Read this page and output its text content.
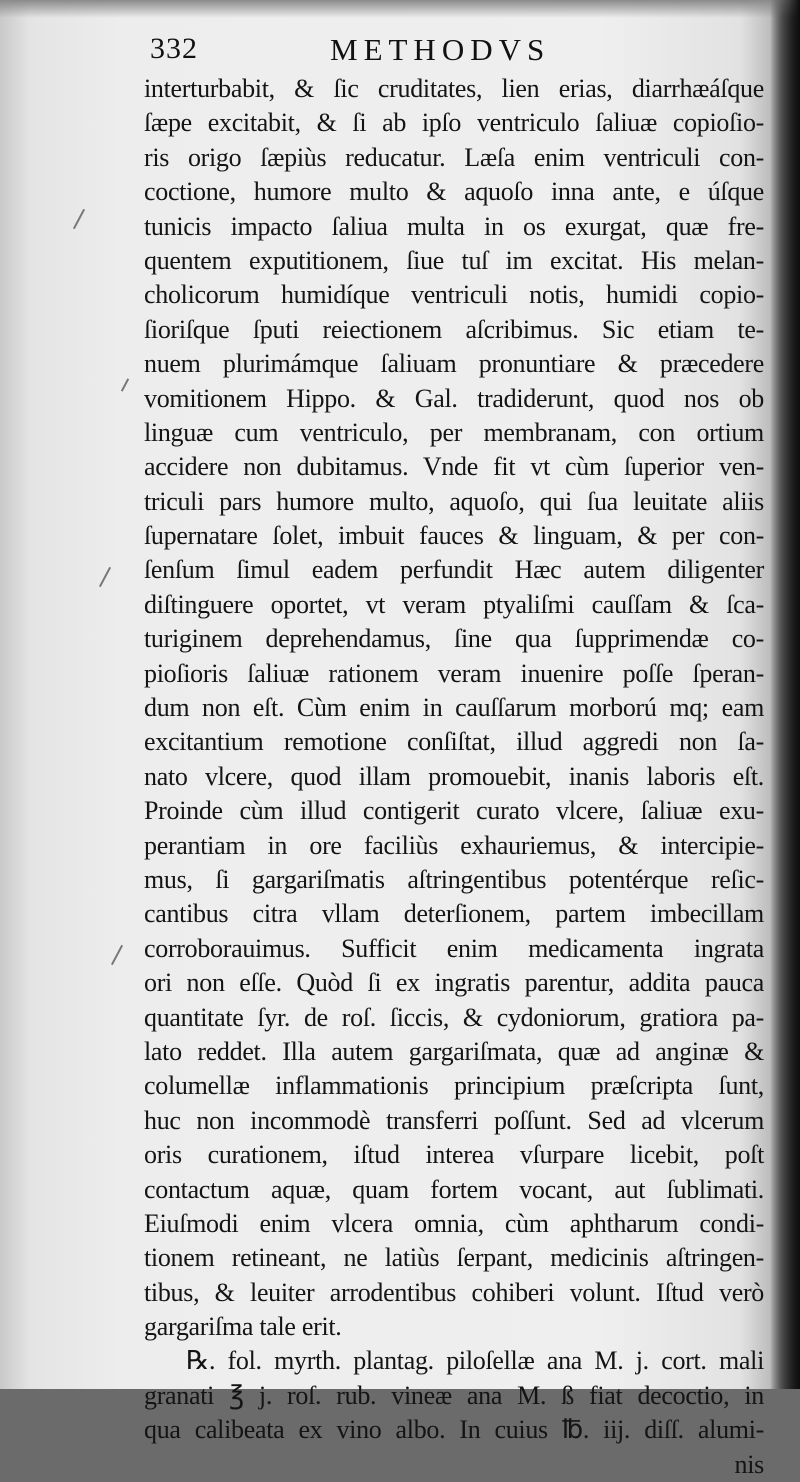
332	METHODVS
interturbabit, & ſic cruditates, lien erias, diarrhæáſque
ſæpe excitabit, & ſi ab ipſo ventriculo ſaliuæ copioſio-
ris origo ſæpiùs reducatur. Læſa enim ventriculi con-
coctione, humore multo & aquoſo inna ante, e úſque
tunicis impacto ſaliua multa in os exurgat, quæ fre-
quentem exputitionem, ſiue tuſ im excitat. His melan-
cholicorum humidíque ventriculi notis, humidi copio-
ſioriſque ſputi reiectionem aſcribimus. Sic etiam te-
nuem plurimámque ſaliuam pronuntiare & præcedere
vomitionem Hippo. & Gal. tradiderunt, quod nos ob
linguæ cum ventriculo, per membranam, con ortium
accidere non dubitamus. Vnde fit vt cùm ſuperior ven-
triculi pars humore multo, aquoſo, qui ſua leuitate aliis
ſupernatare ſolet, imbuit fauces & linguam, & per con-
ſenſum ſimul eadem perfundit Hæc autem diligenter
diſtinguere oportet, vt veram ptyaliſmi cauſſam & ſca-
turiginem deprehendamus, ſine qua ſupprimendæ co-
pioſioris ſaliuæ rationem veram inuenire poſſe ſperan-
dum non eſt. Cùm enim in cauſſarum morború mq; eam
excitantium remotione conſiſtat, illud aggredi non ſa-
nato vlcere, quod illam promouebit, inanis laboris eſt.
Proinde cùm illud contigerit curato vlcere, ſaliuæ exu-
perantiam in ore faciliùs exhauriemus, & intercipie-
mus, ſi gargariſmatis aſtringentibus potentérque reſic-
cantibus citra vllam deterſionem, partem imbecillam
corroborauimus. Sufficit enim medicamenta ingrata
ori non eſſe. Quòd ſi ex ingratis parentur, addita pauca
quantitate ſyr. de roſ. ſiccis, & cydoniorum, gratiora pa-
lato reddet. Illa autem gargariſmata, quæ ad anginæ &
columellæ inflammationis principium præſcripta ſunt,
huc non incommodè transferri poſſunt. Sed ad vlcerum
oris curationem, iſtud interea vſurpare licebit, poſt
contactum aquæ, quam fortem vocant, aut ſublimati.
Eiuſmodi enim vlcera omnia, cùm aphtharum condi-
tionem retineant, ne latiùs ſerpant, medicinis aſtringen-
tibus, & leuiter arrodentibus cohiberi volunt. Iſtud verò
gargariſma tale erit.
℞. fol. myrth. plantag. piloſellæ ana M. j. cort. mali
granati ℥ j. roſ. rub. vineæ ana M. ß fiat decoctio, in
qua calibeata ex vino albo. In cuius ℔. iij. diſſ. alumi-
nis
